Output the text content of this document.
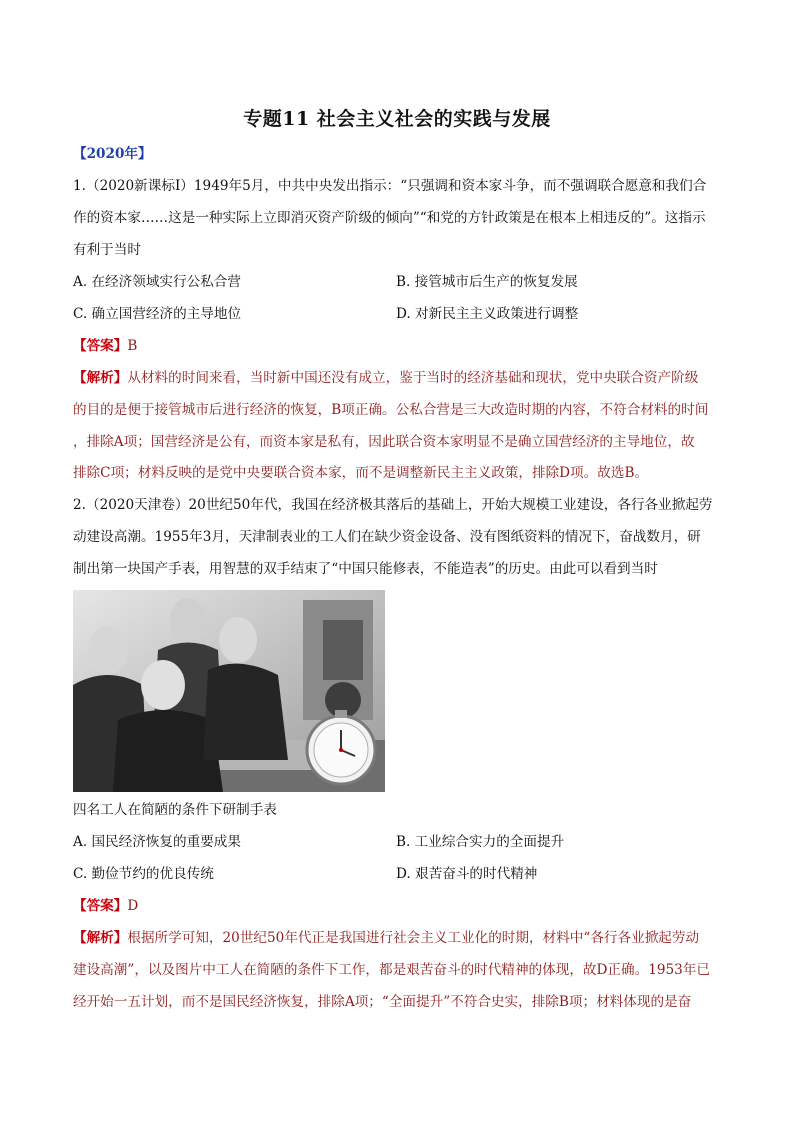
专题11 社会主义社会的实践与发展
【2020年】
1.（2020新课标Ⅰ）1949年5月，中共中央发出指示：“只强调和资本家斗争，而不强调联合愿意和我们合
作的资本家……这是一种实际上立即消灭资产阶级的倾向”“和党的方针政策是在根本上相违反的”。这指示
有利于当时
A. 在经济领域实行公私合营	B. 接管城市后生产的恢复发展
C. 确立国营经济的主导地位	D. 对新民主主义政策进行调整
【答案】B
【解析】从材料的时间来看，当时新中国还没有成立，鉴于当时的经济基础和现状，党中央联合资产阶级
的目的是便于接管城市后进行经济的恢复，B项正确。公私合营是三大改造时期的内容，不符合材料的时间
，排除A项；国营经济是公有，而资本家是私有，因此联合资本家明显不是确立国营经济的主导地位，故
排除C项；材料反映的是党中央要联合资本家，而不是调整新民主主义政策，排除D项。故选B。
2.（2020天津卷）20世纪50年代，我国在经济极其落后的基础上，开始大规模工业建设，各行各业掀起劳
动建设高潮。1955年3月，天津制表业的工人们在缺少资金设备、没有图纸资料的情况下，奋战数月，研
制出第一块国产手表，用智慧的双手结束了“中国只能修表，不能造表”的历史。由此可以看到当时
四名工人在简陋的条件下研制手表
A. 国民经济恢复的重要成果	B. 工业综合实力的全面提升
C. 勤俭节约的优良传统	D. 艰苦奋斗的时代精神
【答案】D
【解析】根据所学可知，20世纪50年代正是我国进行社会主义工业化的时期，材料中“各行各业掀起劳动
建设高潮”，以及图片中工人在简陋的条件下工作，都是艰苦奋斗的时代精神的体现，故D正确。1953年已
经开始一五计划，而不是国民经济恢复，排除A项；“全面提升”不符合史实，排除B项；材料体现的是奋
